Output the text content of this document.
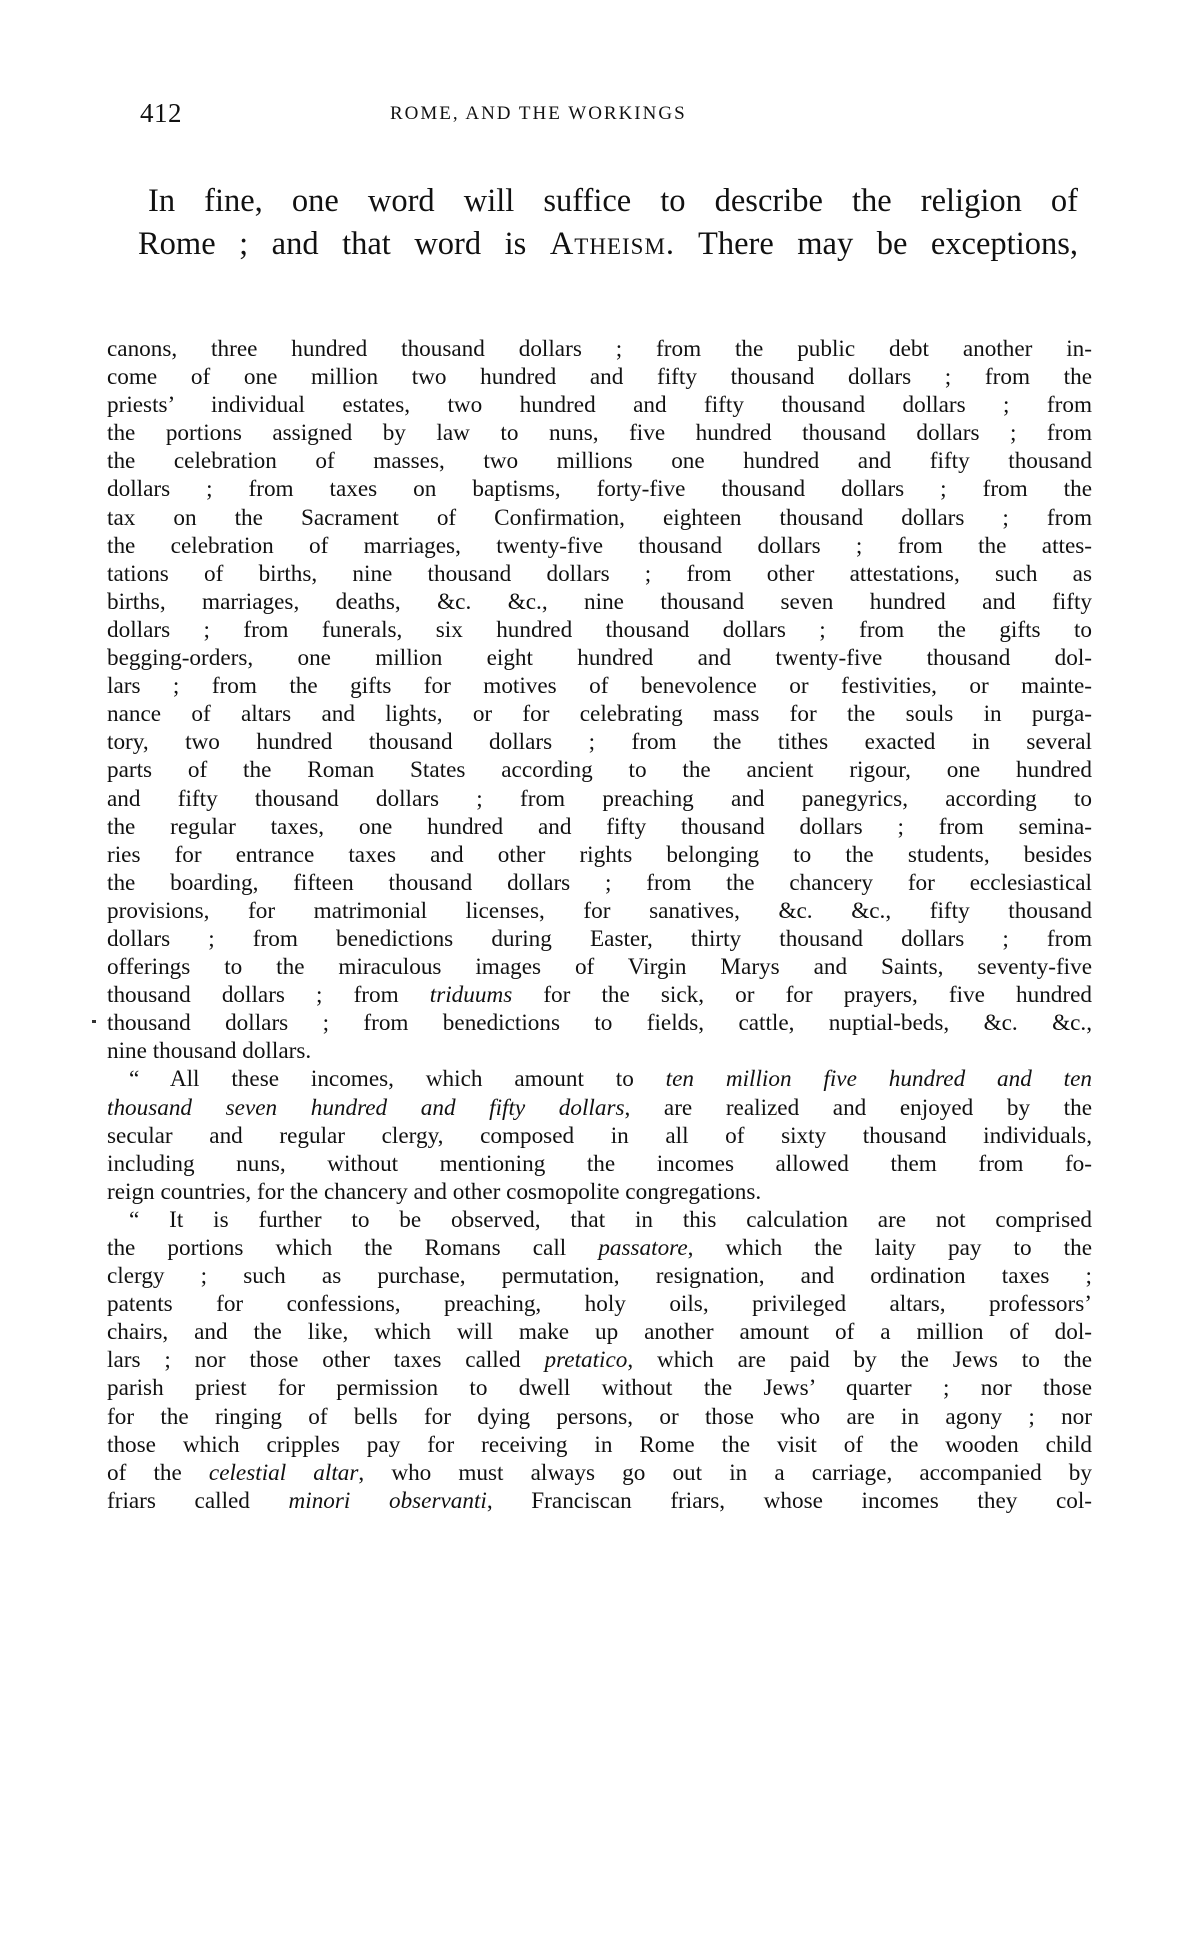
412	ROME, AND THE WORKINGS
In fine, one word will suffice to describe the religion of
Rome ; and that word is Atheism. There may be exceptions,
canons, three hundred thousand dollars ; from the public debt another in-
come of one million two hundred and fifty thousand dollars ; from the
priests’ individual estates, two hundred and fifty thousand dollars ; from
the portions assigned by law to nuns, five hundred thousand dollars ; from
the celebration of masses, two millions one hundred and fifty thousand
dollars ; from taxes on baptisms, forty-five thousand dollars ; from the
tax on the Sacrament of Confirmation, eighteen thousand dollars ; from
the celebration of marriages, twenty-five thousand dollars ; from the attes-
tations of births, nine thousand dollars ; from other attestations, such as
births, marriages, deaths, &c. &c., nine thousand seven hundred and fifty
dollars ; from funerals, six hundred thousand dollars ; from the gifts to
begging-orders, one million eight hundred and twenty-five thousand dol-
lars ; from the gifts for motives of benevolence or festivities, or mainte-
nance of altars and lights, or for celebrating mass for the souls in purga-
tory, two hundred thousand dollars ; from the tithes exacted in several
parts of the Roman States according to the ancient rigour, one hundred
and fifty thousand dollars ; from preaching and panegyrics, according to
the regular taxes, one hundred and fifty thousand dollars ; from semina-
ries for entrance taxes and other rights belonging to the students, besides
the boarding, fifteen thousand dollars ; from the chancery for ecclesiastical
provisions, for matrimonial licenses, for sanatives, &c. &c., fifty thousand
dollars ; from benedictions during Easter, thirty thousand dollars ; from
offerings to the miraculous images of Virgin Marys and Saints, seventy-five
thousand dollars ; from triduums for the sick, or for prayers, five hundred
thousand dollars ; from benedictions to fields, cattle, nuptial-beds, &c. &c.,
nine thousand dollars.
“ All these incomes, which amount to ten million five hundred and ten
thousand seven hundred and fifty dollars, are realized and enjoyed by the
secular and regular clergy, composed in all of sixty thousand individuals,
including nuns, without mentioning the incomes allowed them from fo-
reign countries, for the chancery and other cosmopolite congregations.
“ It is further to be observed, that in this calculation are not comprised
the portions which the Romans call passatore, which the laity pay to the
clergy ; such as purchase, permutation, resignation, and ordination taxes ;
patents for confessions, preaching, holy oils, privileged altars, professors’
chairs, and the like, which will make up another amount of a million of dol-
lars ; nor those other taxes called pretatico, which are paid by the Jews to the
parish priest for permission to dwell without the Jews’ quarter ; nor those
for the ringing of bells for dying persons, or those who are in agony ; nor
those which cripples pay for receiving in Rome the visit of the wooden child
of the celestial altar, who must always go out in a carriage, accompanied by
friars called minori observanti, Franciscan friars, whose incomes they col-
